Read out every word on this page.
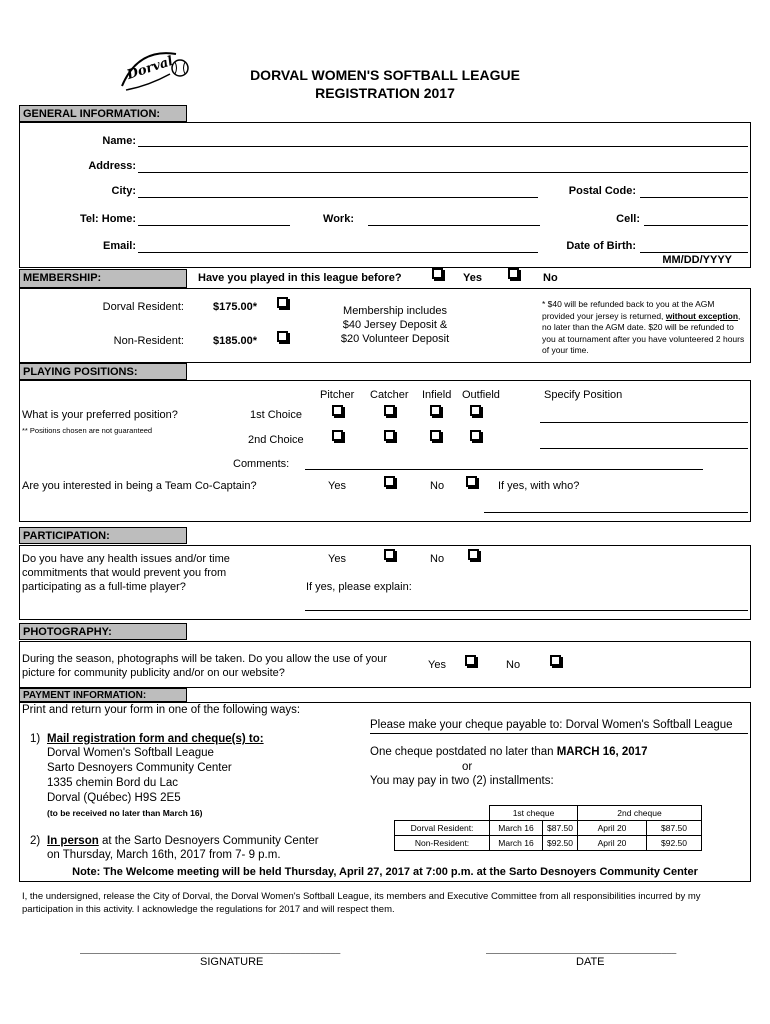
Dorval	DORVAL WOMEN'S SOFTBALL LEAGUE
REGISTRATION 2017
GENERAL INFORMATION:
Name:
Address:
City:	Postal Code:
Tel: Home:	Work:	Cell:
Email:	Date of Birth:
MM/DD/YYYY
MEMBERSHIP:	Have you played in this league before?	Yes	No
Dorval Resident:	$175.00*
Non-Resident:	$185.00*
Membership includes
$40 Jersey Deposit &
$20 Volunteer Deposit
* $40 will be refunded back to you at the AGM provided your jersey is returned, without exception, no later than the AGM date. $20 will be refunded to you at tournament after you have volunteered 2 hours of your time.
PLAYING POSITIONS:
Pitcher Catcher Infield Outfield	Specify Position
What is your preferred position?
** Positions chosen are not guaranteed
1st Choice
2nd Choice
Comments:
Are you interested in being a Team Co-Captain?	Yes	No	If yes, with who?
PARTICIPATION:
Do you have any health issues and/or time
commitments that would prevent you from
participating as a full-time player?
Yes	No
If yes, please explain:
PHOTOGRAPHY:
During the season, photographs will be taken. Do you allow the use of your
picture for community publicity and/or on our website?
Yes	No
PAYMENT INFORMATION:
Print and return your form in one of the following ways:
Please make your cheque payable to: Dorval Women's Softball League
1) Mail registration form and cheque(s) to:
Dorval Women's Softball League
Sarto Desnoyers Community Center
1335 chemin Bord du Lac
Dorval (Québec) H9S 2E5
(to be received no later than March 16)
One cheque postdated no later than MARCH 16, 2017
or
You may pay in two (2) installments:
	1st cheque		2nd cheque	
Dorval Resident:	March 16	$87.50	April 20	$87.50
Non-Resident:	March 16	$92.50	April 20	$92.50
2) In person at the Sarto Desnoyers Community Center
on Thursday, March 16th, 2017 from 7- 9 p.m.
Note: The Welcome meeting will be held Thursday, April 27, 2017 at 7:00 p.m. at the Sarto Desnoyers Community Center
I, the undersigned, release the City of Dorval, the Dorval Women's Softball League, its members and Executive Committee from all responsibilities incurred by my participation in this activity. I acknowledge the regulations for 2017 and will respect them.
____________________________________________________
SIGNATURE
______________________________________
DATE
